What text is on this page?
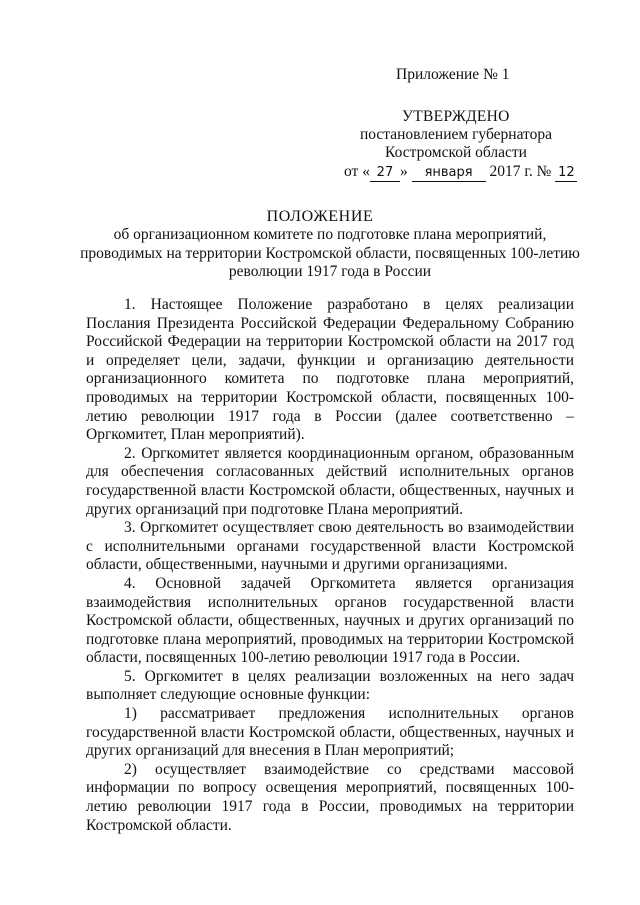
Приложение № 1
УТВЕРЖДЕНО
постановлением губернатора
Костромской области
от « 27 » января 2017 г. № 12
ПОЛОЖЕНИЕ
об организационном комитете по подготовке плана мероприятий,
проводимых на территории Костромской области, посвященных 100-летию
революции 1917 года в России

1. Настоящее Положение разработано в целях реализации Послания Президента Российской Федерации Федеральному Собранию Российской Федерации на территории Костромской области на 2017 год и определяет цели, задачи, функции и организацию деятельности организационного комитета по подготовке плана мероприятий, проводимых на территории Костромской области, посвященных 100-летию революции 1917 года в России (далее соответственно – Оргкомитет, План мероприятий).

2. Оргкомитет является координационным органом, образованным для обеспечения согласованных действий исполнительных органов государственной власти Костромской области, общественных, научных и других организаций при подготовке Плана мероприятий.

3. Оргкомитет осуществляет свою деятельность во взаимодействии с исполнительными органами государственной власти Костромской области, общественными, научными и другими организациями.

4. Основной задачей Оргкомитета является организация взаимодействия исполнительных органов государственной власти Костромской области, общественных, научных и других организаций по подготовке плана мероприятий, проводимых на территории Костромской области, посвященных 100-летию революции 1917 года в России.

5. Оргкомитет в целях реализации возложенных на него задач выполняет следующие основные функции:

1) рассматривает предложения исполнительных органов государственной власти Костромской области, общественных, научных и других организаций для внесения в План мероприятий;

2) осуществляет взаимодействие со средствами массовой информации по вопросу освещения мероприятий, посвященных 100-летию революции 1917 года в России, проводимых на территории Костромской области.
